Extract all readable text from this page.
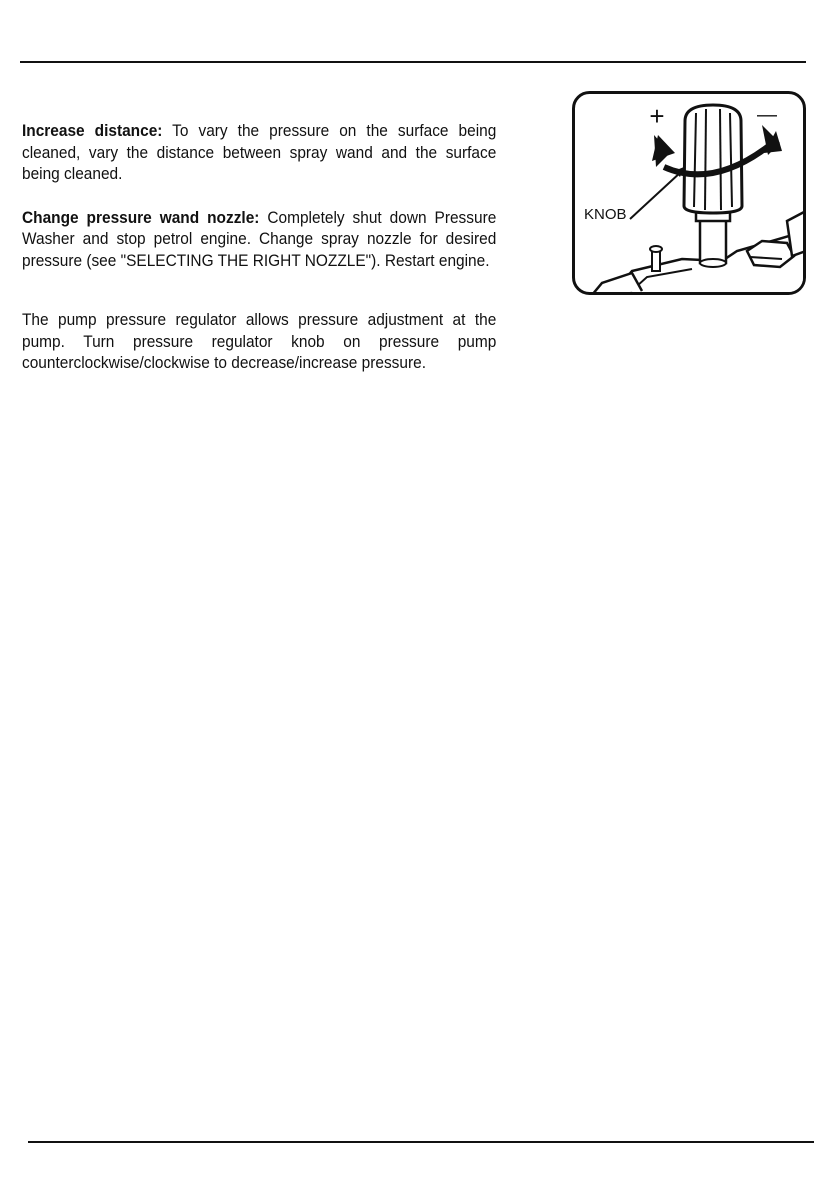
Increase distance: To vary the pressure on the surface being cleaned, vary the distance between spray wand and the surface being cleaned.

Change pressure wand nozzle: Completely shut down Pressure Washer and stop petrol engine. Change spray nozzle for desired pressure (see "SELECTING THE RIGHT NOZZLE"). Restart engine.

The pump pressure regulator allows pressure adjustment at the pump. Turn pressure regulator knob on pressure pump counterclockwise/clockwise to decrease/increase pressure.

+	—
KNOB
